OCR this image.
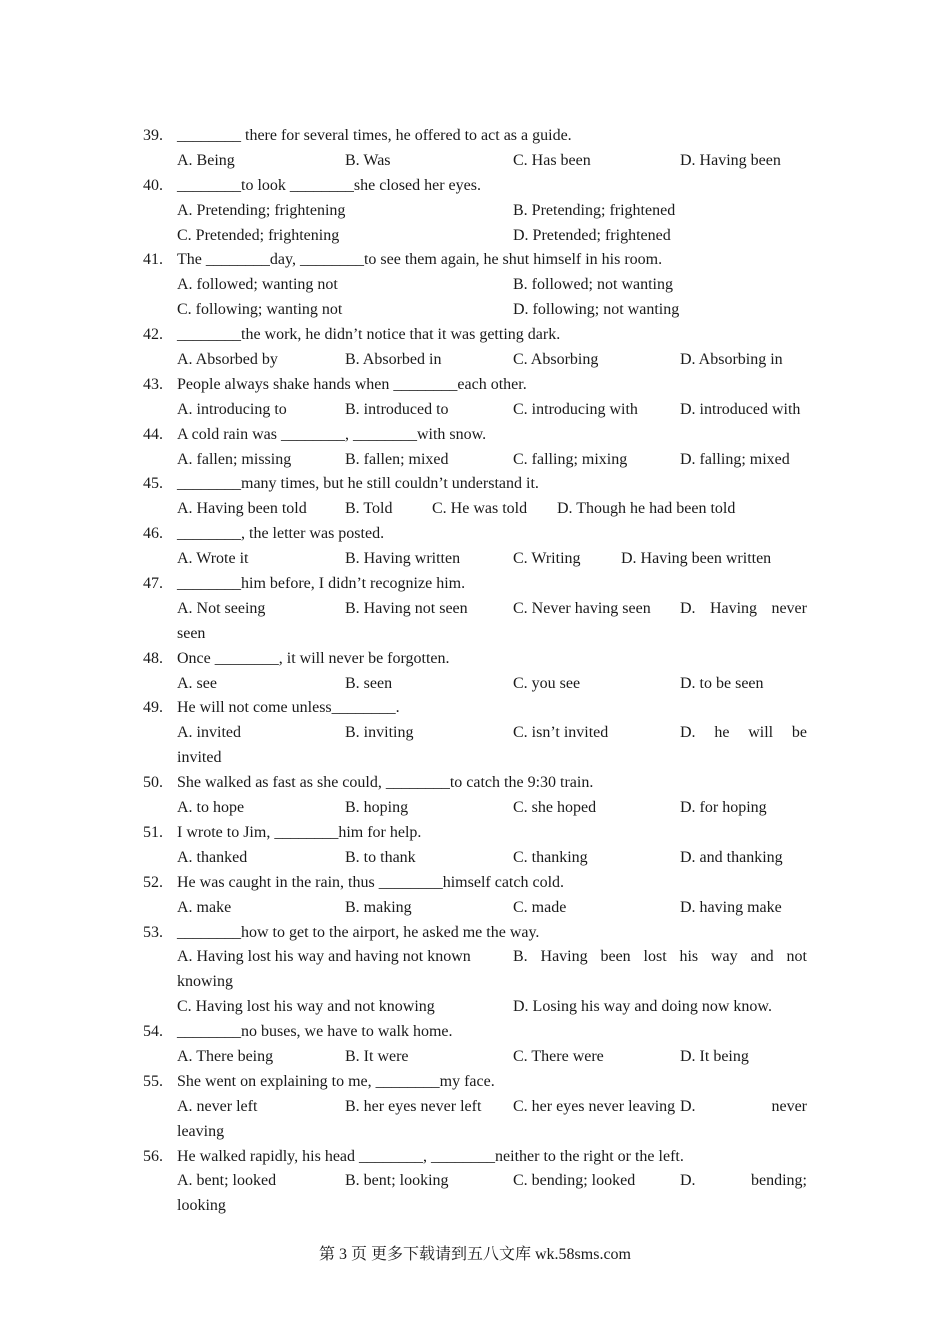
39. ________ there for several times, he offered to act as a guide.
A. Being	B. Was	C. Has been	D. Having been
40. ________to look ________she closed her eyes.
A. Pretending; frightening	B. Pretending; frightened
C. Pretended; frightening	D. Pretended; frightened
41. The ________day, ________to see them again, he shut himself in his room.
A. followed; wanting not	B. followed; not wanting
C. following; wanting not	D. following; not wanting
42. ________the work, he didn’t notice that it was getting dark.
A. Absorbed by	B. Absorbed in	C. Absorbing	D. Absorbing in
43. People always shake hands when ________each other.
A. introducing to	B. introduced to	C. introducing with	D. introduced with
44. A cold rain was ________, ________with snow.
A. fallen; missing	B. fallen; mixed	C. falling; mixing	D. falling; mixed
45. ________many times, but he still couldn’t understand it.
A. Having been told B. Told C. He was told D. Though he had been told
46. ________, the letter was posted.
A. Wrote it	B. Having written	C. Writing	D. Having been written
47. ________him before, I didn’t recognize him.
A. Not seeing	B. Having not seen	C. Never having seen D. Having never
seen
48. Once ________, it will never be forgotten.
A. see	B. seen	C. you see	D. to be seen
49. He will not come unless________.
A. invited	B. inviting	C. isn’t invited	D. he will be
invited
50. She walked as fast as she could, ________to catch the 9:30 train.
A. to hope	B. hoping	C. she hoped	D. for hoping
51. I wrote to Jim, ________him for help.
A. thanked	B. to thank	C. thanking	D. and thanking
52. He was caught in the rain, thus ________himself catch cold.
A. make	B. making	C. made	D. having make
53. ________how to get to the airport, he asked me the way.
A. Having lost his way and having not known	B. Having been lost his way and not
knowing
C. Having lost his way and not knowing	D. Losing his way and doing now know.
54. ________no buses, we have to walk home.
A. There being	B. It were	C. There were	D. It being
55. She went on explaining to me, ________my face.
A. never left	B. her eyes never left C. her eyes never leaving D.	never
leaving
56. He walked rapidly, his head ________, ________neither to the right or the left.
A. bent; looked	B. bent; looking	C. bending; looked	D.	bending;
looking
第 3 页 更多下载请到五八文库 wk.58sms.com
